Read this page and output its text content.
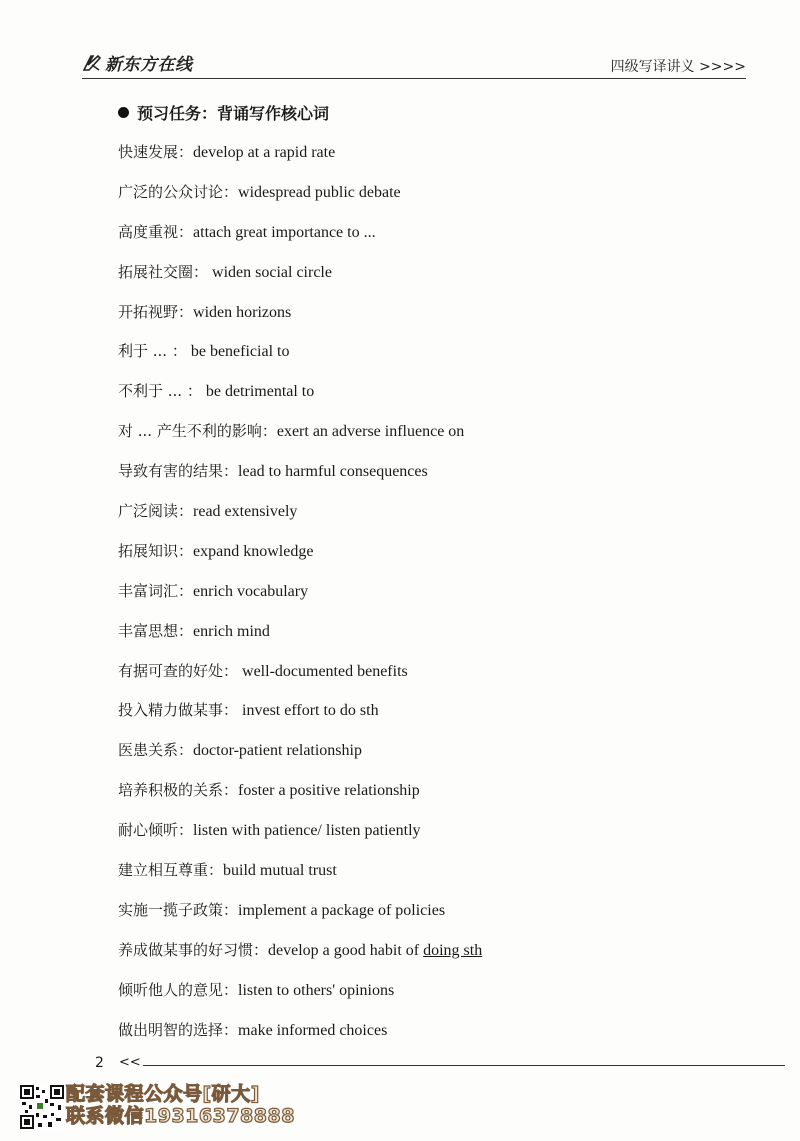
新东方在线	四级写译讲义 >>>>
预习任务：背诵写作核心词
快速发展：develop at a rapid rate
广泛的公众讨论：widespread public debate
高度重视：attach great importance to ...
拓展社交圈： widen social circle
开拓视野：widen horizons
利于 ... ： be beneficial to
不利于 ... ： be detrimental to
对 ... 产生不利的影响：exert an adverse influence on
导致有害的结果：lead to harmful consequences
广泛阅读：read extensively
拓展知识：expand knowledge
丰富词汇：enrich vocabulary
丰富思想：enrich mind
有据可查的好处： well-documented benefits
投入精力做某事： invest effort to do sth
医患关系：doctor-patient relationship
培养积极的关系：foster a positive relationship
耐心倾听：listen with patience/ listen patiently
建立相互尊重：build mutual trust
实施一揽子政策：implement a package of policies
养成做某事的好习惯：develop a good habit of doing sth
倾听他人的意见：listen to others' opinions
做出明智的选择：make informed choices
2 <<
配套课程公众号[研大]
联系微信19316378888
